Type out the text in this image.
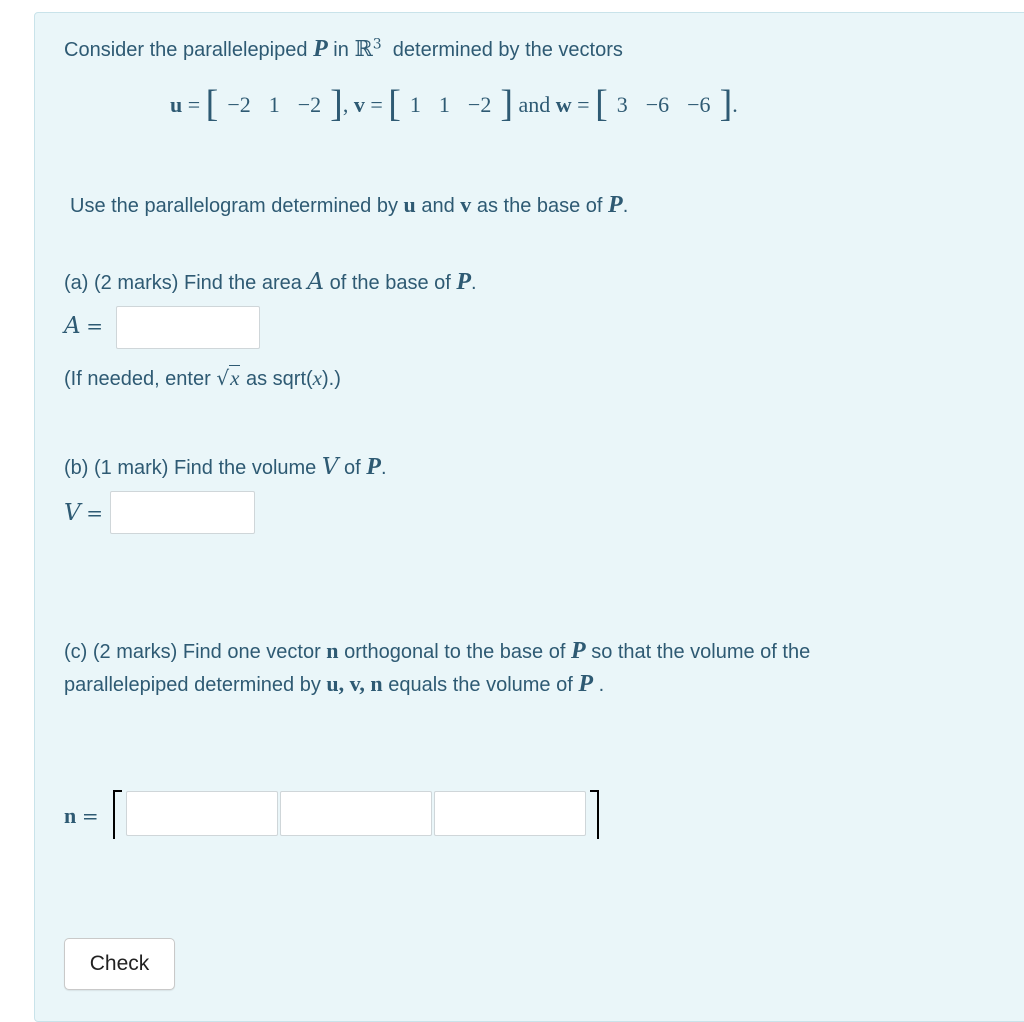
Consider the parallelepiped P in ℝ$^3$ determined by the vectors
u = [ −2 1 −2 ], v = [ 1 1 −2 ] and w = [ 3 −6 −6 ].
Use the parallelogram determined by u and v as the base of P.
(a) (2 marks) Find the area A of the base of P.
A =
(If needed, enter √x as sqrt(x).)
(b) (1 mark) Find the volume V of P.
V =
(c) (2 marks) Find one vector n orthogonal to the base of P so that the volume of the
parallelepiped determined by u, v, n equals the volume of P .
n =
Check
